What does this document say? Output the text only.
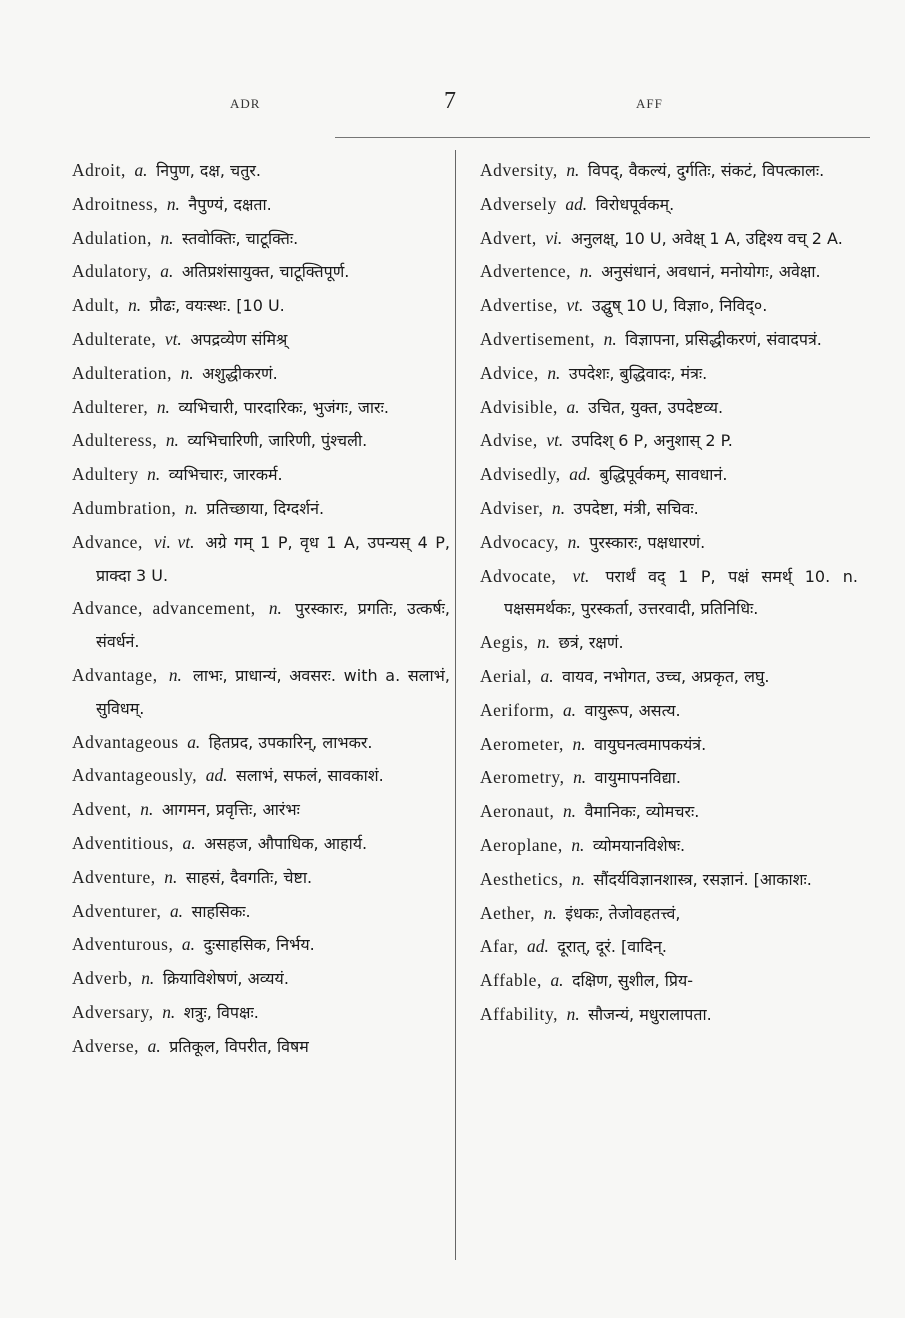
ADR	7	AFF
Adroit, a. निपुण, दक्ष, चतुर.
Adroitness, n. नैपुण्यं, दक्षता.
Adulation, n. स्तवोक्तिः, चाटूक्तिः.
Adulatory, a. अतिप्रशंसायुक्त, चाटूक्तिपूर्ण.
Adult, n. प्रौढः, वयःस्थः. [10 U.
Adulterate, vt. अपद्रव्येण संमिश्र्
Adulteration, n. अशुद्धीकरणं.
Adulterer, n. व्यभिचारी, पारदारिकः, भुजंगः, जारः.
Adulteress, n. व्यभिचारिणी, जारिणी, पुंश्चली.
Adultery n. व्यभिचारः, जारकर्म.
Adumbration, n. प्रतिच्छाया, दिग्दर्शनं.
Advance, vi. vt. अग्रे गम् 1 P, वृध 1 A, उपन्यस् 4 P, प्राक्दा 3 U.
Advance, advancement, n. पुरस्कारः, प्रगतिः, उत्कर्षः, संवर्धनं.
Advantage, n. लाभः, प्राधान्यं, अवसरः. with a. सलाभं, सुविधम्.
Advantageous a. हितप्रद, उपकारिन्, लाभकर.
Advantageously, ad. सलाभं, सफलं, सावकाशं.
Advent, n. आगमन, प्रवृत्तिः, आरंभः
Adventitious, a. असहज, औपाधिक, आहार्य.
Adventure, n. साहसं, दैवगतिः, चेष्टा.
Adventurer, a. साहसिकः.
Adventurous, a. दुःसाहसिक, निर्भय.
Adverb, n. क्रियाविशेषणं, अव्ययं.
Adversary, n. शत्रुः, विपक्षः.
Adverse, a. प्रतिकूल, विपरीत, विषम
Adversity, n. विपद्, वैकल्यं, दुर्गतिः, संकटं, विपत्कालः.
Adversely ad. विरोधपूर्वकम्.
Advert, vi. अनुलक्ष्, 10 U, अवेक्ष् 1 A, उद्दिश्य वच् 2 A.
Advertence, n. अनुसंधानं, अवधानं, मनोयोगः, अवेक्षा.
Advertise, vt. उद्घुष् 10 U, विज्ञा०, निविद्०.
Advertisement, n. विज्ञापना, प्रसिद्धीकरणं, संवादपत्रं.
Advice, n. उपदेशः, बुद्धिवादः, मंत्रः.
Advisible, a. उचित, युक्त, उपदेष्टव्य.
Advise, vt. उपदिश् 6 P, अनुशास् 2 P.
Advisedly, ad. बुद्धिपूर्वकम्, सावधानं.
Adviser, n. उपदेष्टा, मंत्री, सचिवः.
Advocacy, n. पुरस्कारः, पक्षधारणं.
Advocate, vt. परार्थं वद् 1 P, पक्षं समर्थ् 10. n. पक्षसमर्थकः, पुरस्कर्ता, उत्तरवादी, प्रतिनिधिः.
Aegis, n. छत्रं, रक्षणं.
Aerial, a. वायव, नभोगत, उच्च, अप्रकृत, लघु.
Aeriform, a. वायुरूप, असत्य.
Aerometer, n. वायुघनत्वमापकयंत्रं.
Aerometry, n. वायुमापनविद्या.
Aeronaut, n. वैमानिकः, व्योमचरः.
Aeroplane, n. व्योमयानविशेषः.
Aesthetics, n. सौंदर्यविज्ञानशास्त्र, रसज्ञानं. [आकाशः.
Aether, n. इंधकः, तेजोवहतत्त्वं,
Afar, ad. दूरात्, दूरं. [वादिन्.
Affable, a. दक्षिण, सुशील, प्रिय-
Affability, n. सौजन्यं, मधुरालापता.
